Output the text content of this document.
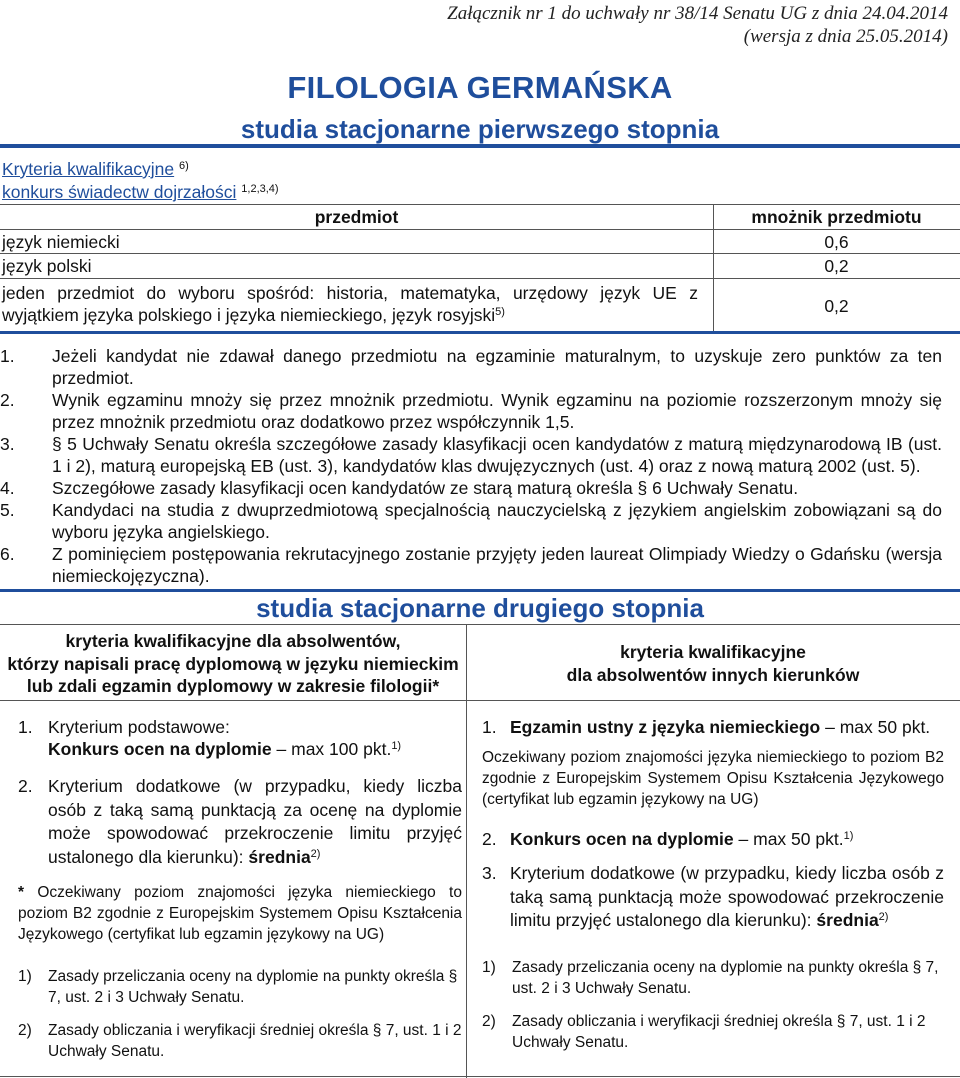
Załącznik nr 1 do uchwały nr 38/14 Senatu UG z dnia 24.04.2014
(wersja z dnia 25.05.2014)
FILOLOGIA GERMAŃSKA
studia stacjonarne pierwszego stopnia
Kryteria kwalifikacyjne $^{6)}$
konkurs świadectw dojrzałości $^{1,2,3,4)}$
przedmiot	mnożnik przedmiotu
język niemiecki	0,6
język polski	0,2
jeden przedmiot do wyboru spośród: historia, matematyka, urzędowy język UE z wyjątkiem języka polskiego i języka niemieckiego, język rosyjski$^{5)}$	0,2
1. Jeżeli kandydat nie zdawał danego przedmiotu na egzaminie maturalnym, to uzyskuje zero punktów za ten przedmiot.
2. Wynik egzaminu mnoży się przez mnożnik przedmiotu. Wynik egzaminu na poziomie rozszerzonym mnoży się przez mnożnik przedmiotu oraz dodatkowo przez współczynnik 1,5.
3. § 5 Uchwały Senatu określa szczegółowe zasady klasyfikacji ocen kandydatów z maturą międzynarodową IB (ust. 1 i 2), maturą europejską EB (ust. 3), kandydatów klas dwujęzycznych (ust. 4) oraz z nową maturą 2002 (ust. 5).
4. Szczegółowe zasady klasyfikacji ocen kandydatów ze starą maturą określa § 6 Uchwały Senatu.
5. Kandydaci na studia z dwuprzedmiotową specjalnością nauczycielską z językiem angielskim zobowiązani są do wyboru języka angielskiego.
6. Z pominięciem postępowania rekrutacyjnego zostanie przyjęty jeden laureat Olimpiady Wiedzy o Gdańsku (wersja niemieckojęzyczna).
studia stacjonarne drugiego stopnia
kryteria kwalifikacyjne dla absolwentów,
którzy napisali pracę dyplomową w języku niemieckim
lub zdali egzamin dyplomowy w zakresie filologii*
1. Kryterium podstawowe:
Konkurs ocen na dyplomie – max 100 pkt.$^{1)}$
2. Kryterium dodatkowe (w przypadku, kiedy liczba osób z taką samą punktacją za ocenę na dyplomie może spowodować przekroczenie limitu przyjęć ustalonego dla kierunku): średnia$^{2)}$
* Oczekiwany poziom znajomości języka niemieckiego to poziom B2 zgodnie z Europejskim Systemem Opisu Kształcenia Językowego (certyfikat lub egzamin językowy na UG)
1) Zasady przeliczania oceny na dyplomie na punkty określa § 7, ust. 2 i 3 Uchwały Senatu.
2) Zasady obliczania i weryfikacji średniej określa § 7, ust. 1 i 2 Uchwały Senatu.
kryteria kwalifikacyjne
dla absolwentów innych kierunków
1. Egzamin ustny z języka niemieckiego – max 50 pkt.
Oczekiwany poziom znajomości języka niemieckiego to poziom B2 zgodnie z Europejskim Systemem Opisu Kształcenia Językowego (certyfikat lub egzamin językowy na UG)
2. Konkurs ocen na dyplomie – max 50 pkt.$^{1)}$
3. Kryterium dodatkowe (w przypadku, kiedy liczba osób z taką samą punktacją może spowodować przekroczenie limitu przyjęć ustalonego dla kierunku): średnia$^{2)}$
1) Zasady przeliczania oceny na dyplomie na punkty określa § 7, ust. 2 i 3 Uchwały Senatu.
2) Zasady obliczania i weryfikacji średniej określa § 7, ust. 1 i 2 Uchwały Senatu.
